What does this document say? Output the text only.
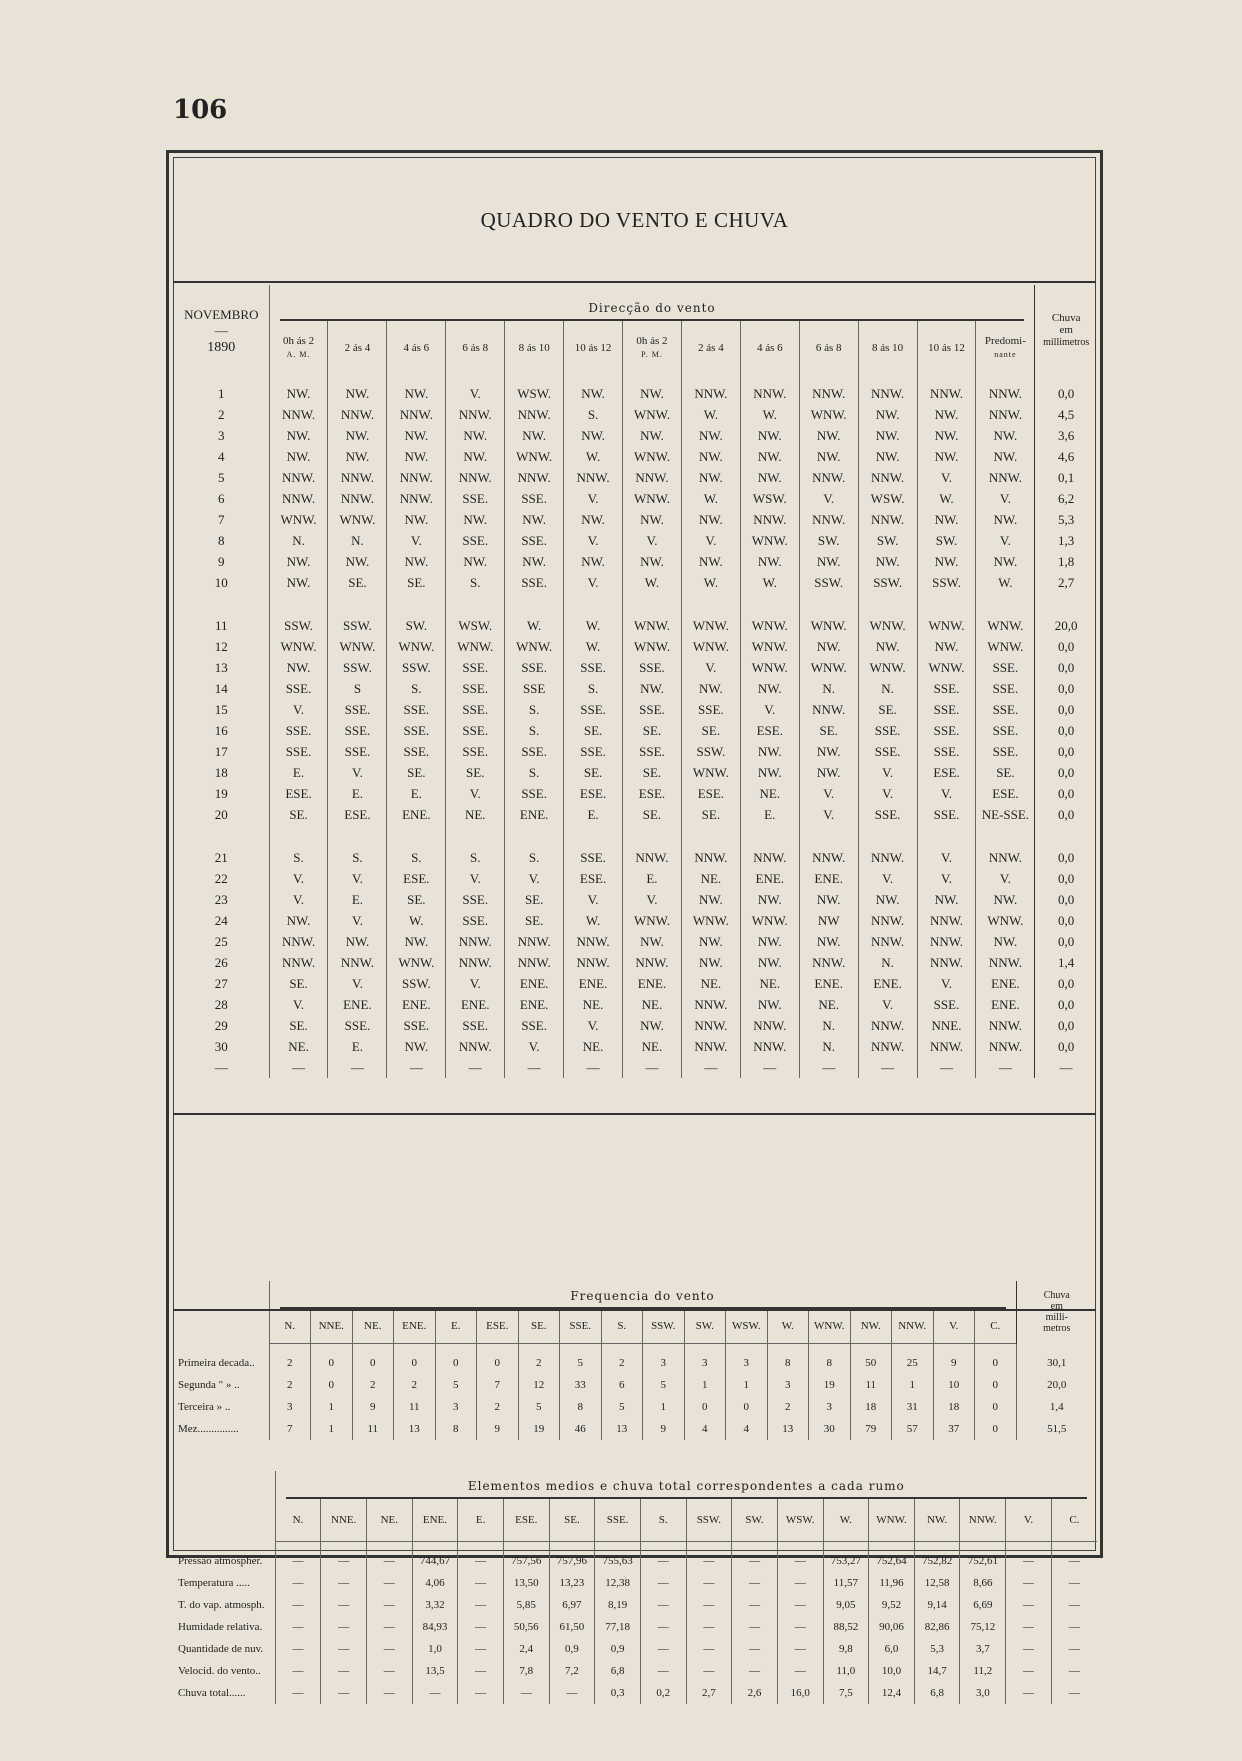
106
QUADRO DO VENTO E CHUVA
NOVEMBRO
—
1890	Direcção do vento													Chuva
em
millimetros
	0h ás 2
A. M.	2 ás 4	4 ás 6	6 ás 8	8 ás 10	10 ás 12	0h ás 2
P. M.	2 ás 4	4 ás 6	6 ás 8	8 ás 10	10 ás 12	Predomi-
nante	

1	NW.	NW.	NW.	V.	WSW.	NW.	NW.	NNW.	NNW.	NNW.	NNW.	NNW.	NNW.	0,0
2	NNW.	NNW.	NNW.	NNW.	NNW.	S.	WNW.	W.	W.	WNW.	NW.	NW.	NNW.	4,5
3	NW.	NW.	NW.	NW.	NW.	NW.	NW.	NW.	NW.	NW.	NW.	NW.	NW.	3,6
4	NW.	NW.	NW.	NW.	WNW.	W.	WNW.	NW.	NW.	NW.	NW.	NW.	NW.	4,6
5	NNW.	NNW.	NNW.	NNW.	NNW.	NNW.	NNW.	NW.	NW.	NNW.	NNW.	V.	NNW.	0,1
6	NNW.	NNW.	NNW.	SSE.	SSE.	V.	WNW.	W.	WSW.	V.	WSW.	W.	V.	6,2
7	WNW.	WNW.	NW.	NW.	NW.	NW.	NW.	NW.	NNW.	NNW.	NNW.	NW.	NW.	5,3
8	N.	N.	V.	SSE.	SSE.	V.	V.	V.	WNW.	SW.	SW.	SW.	V.	1,3
9	NW.	NW.	NW.	NW.	NW.	NW.	NW.	NW.	NW.	NW.	NW.	NW.	NW.	1,8
10	NW.	SE.	SE.	S.	SSE.	V.	W.	W.	W.	SSW.	SSW.	SSW.	W.	2,7

11	SSW.	SSW.	SW.	WSW.	W.	W.	WNW.	WNW.	WNW.	WNW.	WNW.	WNW.	WNW.	20,0
12	WNW.	WNW.	WNW.	WNW.	WNW.	W.	WNW.	WNW.	WNW.	NW.	NW.	NW.	WNW.	0,0
13	NW.	SSW.	SSW.	SSE.	SSE.	SSE.	SSE.	V.	WNW.	WNW.	WNW.	WNW.	SSE.	0,0
14	SSE.	S	S.	SSE.	SSE	S.	NW.	NW.	NW.	N.	N.	SSE.	SSE.	0,0
15	V.	SSE.	SSE.	SSE.	S.	SSE.	SSE.	SSE.	V.	NNW.	SE.	SSE.	SSE.	0,0
16	SSE.	SSE.	SSE.	SSE.	S.	SE.	SE.	SE.	ESE.	SE.	SSE.	SSE.	SSE.	0,0
17	SSE.	SSE.	SSE.	SSE.	SSE.	SSE.	SSE.	SSW.	NW.	NW.	SSE.	SSE.	SSE.	0,0
18	E.	V.	SE.	SE.	S.	SE.	SE.	WNW.	NW.	NW.	V.	ESE.	SE.	0,0
19	ESE.	E.	E.	V.	SSE.	ESE.	ESE.	ESE.	NE.	V.	V.	V.	ESE.	0,0
20	SE.	ESE.	ENE.	NE.	ENE.	E.	SE.	SE.	E.	V.	SSE.	SSE.	NE-SSE.	0,0

21	S.	S.	S.	S.	S.	SSE.	NNW.	NNW.	NNW.	NNW.	NNW.	V.	NNW.	0,0
22	V.	V.	ESE.	V.	V.	ESE.	E.	NE.	ENE.	ENE.	V.	V.	V.	0,0
23	V.	E.	SE.	SSE.	SE.	V.	V.	NW.	NW.	NW.	NW.	NW.	NW.	0,0
24	NW.	V.	W.	SSE.	SE.	W.	WNW.	WNW.	WNW.	NW	NNW.	NNW.	WNW.	0,0
25	NNW.	NW.	NW.	NNW.	NNW.	NNW.	NW.	NW.	NW.	NW.	NNW.	NNW.	NW.	0,0
26	NNW.	NNW.	WNW.	NNW.	NNW.	NNW.	NNW.	NW.	NW.	NNW.	N.	NNW.	NNW.	1,4
27	SE.	V.	SSW.	V.	ENE.	ENE.	ENE.	NE.	NE.	ENE.	ENE.	V.	ENE.	0,0
28	V.	ENE.	ENE.	ENE.	ENE.	NE.	NE.	NNW.	NW.	NE.	V.	SSE.	ENE.	0,0
29	SE.	SSE.	SSE.	SSE.	SSE.	V.	NW.	NNW.	NNW.	N.	NNW.	NNE.	NNW.	0,0
30	NE.	E.	NW.	NNW.	V.	NE.	NE.	NNW.	NNW.	N.	NNW.	NNW.	NNW.	0,0
—	—	—	—	—	—	—	—	—	—	—	—	—	—	—

	Frequencia do vento																		Chuva
em
milli-
metros
	N.	NNE.	NE.	ENE.	E.	ESE.	SE.	SSE.	S.	SSW.	SW.	WSW.	W.	WNW.	NW.	NNW.	V.	C.	

Primeira decada..	2	0	0	0	0	0	2	5	2	3	3	3	8	8	50	25	9	0	30,1
Segunda " » ..	2	0	2	2	5	7	12	33	6	5	1	1	3	19	11	1	10	0	20,0
Terceira » ..	3	1	9	11	3	2	5	8	5	1	0	0	2	3	18	31	18	0	1,4
Mez...............	7	1	11	13	8	9	19	46	13	9	4	4	13	30	79	57	37	0	51,5

	Elementos medios e chuva total correspondentes a cada rumo																	

	N.	NNE.	NE.	ENE.	E.	ESE.	SE.	SSE.	S.	SSW.	SW.	WSW.	W.	WNW.	NW.	NNW.	V.	C.

Pressão atmospher.	—	—	—	744,67	—	757,56	757,96	755,63	—	—	—	—	753,27	752,64	752,82	752,61	—	—
Temperatura .....	—	—	—	4,06	—	13,50	13,23	12,38	—	—	—	—	11,57	11,96	12,58	8,66	—	—
T. do vap. atmosph.	—	—	—	3,32	—	5,85	6,97	8,19	—	—	—	—	9,05	9,52	9,14	6,69	—	—
Humidade relativa.	—	—	—	84,93	—	50,56	61,50	77,18	—	—	—	—	88,52	90,06	82,86	75,12	—	—
Quantidade de nuv.	—	—	—	1,0	—	2,4	0,9	0,9	—	—	—	—	9,8	6,0	5,3	3,7	—	—
Velocid. do vento..	—	—	—	13,5	—	7,8	7,2	6,8	—	—	—	—	11,0	10,0	14,7	11,2	—	—
Chuva total......	—	—	—	—	—	—	—	0,3	0,2	2,7	2,6	16,0	7,5	12,4	6,8	3,0	—	—
